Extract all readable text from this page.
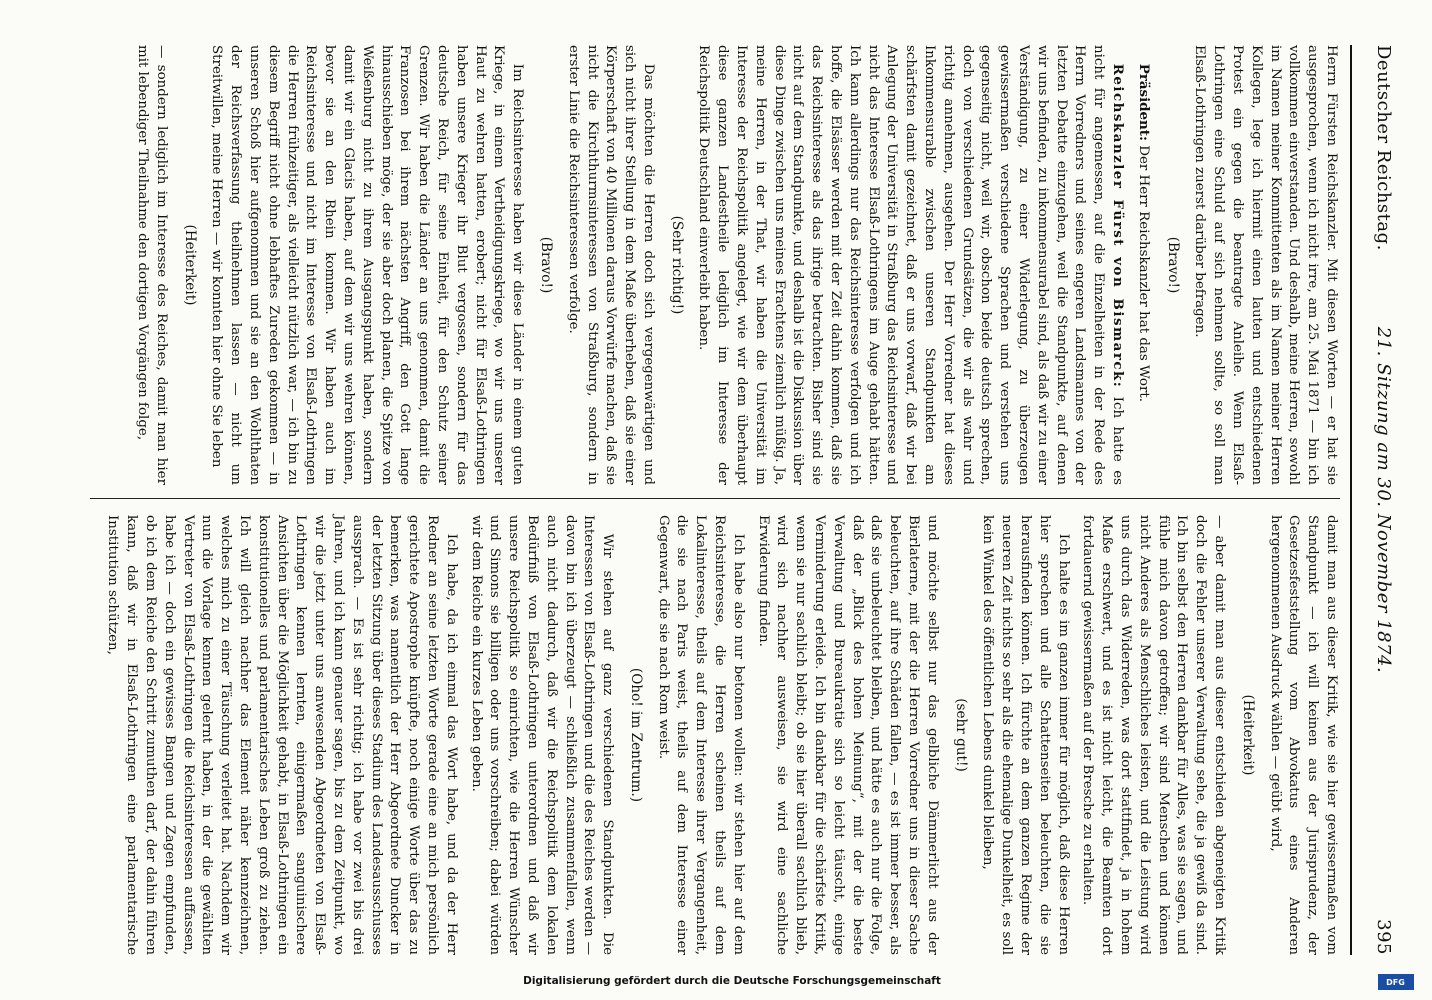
Deutscher Reichstag.
21. Sitzung am 30. November 1874.
395

Herrn Fürsten Reichskanzler. Mit diesen Worten — er hat sie ausgesprochen, wenn ich nicht irre, am 25. Mai 1871 — bin ich vollkommen einverstanden. Und deshalb, meine Herren, sowohl im Namen meiner Kommittenten als im Namen meiner Herren Kollegen, lege ich hiermit einen lauten und entschiedenen Protest ein gegen die beantragte Anleihe. Wenn Elsaß-Lothringen eine Schuld auf sich nehmen sollte, so soll man Elsaß-Lothringen zuerst darüber befragen.

(Bravo!)

Präsident: Der Herr Reichskanzler hat das Wort.

Reichskanzler Fürst von Bismarck: Ich hatte es nicht für angemessen, auf die Einzelheiten in der Rede des Herrn Vorredners und seines engeren Landsmannes von der letzten Debatte einzugehen, weil die Standpunkte, auf denen wir uns befinden, zu inkommensurabel sind, als daß wir zu einer Verständigung, zu einer Widerlegung, zu überzeugen gewissermaßen verschiedene Sprachen und verstehen uns gegenseitig nicht, weil wir, obschon beide deutsch sprechen, doch von verschiedenen Grundsätzen, die wir als wahr und richtig annehmen, ausgehen. Der Herr Vorredner hat dieses Inkommensurable zwischen unseren Standpunkten am schärfsten damit gezeichnet, daß er uns vorwarf, daß wir bei Anlegung der Universität in Straßburg das Reichsinteresse und nicht das Interesse Elsaß-Lothringens im Auge gehabt hätten. Ich kann allerdings nur das Reichsinteresse verfolgen und ich hoffe, die Elsässer werden mit der Zeit dahin kommen, daß sie das Reichsinteresse als das ihrige betrachten. Bisher sind sie nicht auf dem Standpunkte, und deshalb ist die Diskussion über diese Dinge zwischen uns meines Erachtens ziemlich müßig. Ja, meine Herren, in der That, wir haben die Universität im Interesse der Reichspolitik angelegt, wie wir dem überhaupt diese ganzen Landestheile lediglich im Interesse der Reichspolitik Deutschland einverleibt haben.

(Sehr richtig!)

Das möchten die Herren doch sich vergegenwärtigen und sich nicht ihrer Stellung in dem Maße überheben, daß sie einer Körperschaft von 40 Millionen daraus Vorwürfe machen, daß sie nicht die Kirchthurmsinteressen von Straßburg, sondern in erster Linie die Reichsinteressen verfolge.

(Bravo!)

Im Reichsinteresse haben wir diese Länder in einem guten Kriege, in einem Vertheidigungskriege, wo wir uns unserer Haut zu wehren hatten, erobert; nicht für Elsaß-Lothringen haben unsere Krieger ihr Blut vergossen, sondern für das deutsche Reich, für seine Einheit, für den Schutz seiner Grenzen. Wir haben die Länder an uns genommen, damit die Franzosen bei ihrem nächsten Angriff, den Gott lange hinausschieben möge, der sie aber doch planen, die Spitze von Weißenburg nicht zu ihrem Ausgangspunkt haben, sondern damit wir ein Glacis haben, auf dem wir uns wehren können, bevor sie an den Rhein kommen. Wir haben auch im Reichsinteresse und nicht im Interesse von Elsaß-Lothringen die Herren frühzeitiger, als vielleicht nützlich war, — ich bin zu diesem Begriff nicht ohne lebhaftes Zureden gekommen — in unseren Schoß hier aufgenommen und sie an den Wohlthaten der Reichsverfassung theilnehmen lassen — nicht um Streitwillen, meine Herren — wir konnten hier ohne Sie leben

(Heiterkeit)

— sondern lediglich im Interesse des Reiches, damit man hier mit lebendiger Theilnahme den dortigen Vorgängen folge,

damit man aus dieser Kritik, wie sie hier gewissermaßen vom Standpunkt — ich will keinen aus der Jurisprudenz, der Gesetzesfeststellung vom Abvokatus eines Anderen hergenommenen Ausdruck wählen — geübt wird,

(Heiterkeit)

— aber damit man aus dieser entschieden abgeneigten Kritik doch die Fehler unserer Verwaltung sehe, die ja gewiß da sind. Ich bin selbst den Herren dankbar für Alles, was sie sagen, und fühle mich davon getroffen; wir sind Menschen und können nicht Anderes als Menschliches leisten, und die Leistung wird uns durch das Widerreden, was dort stattfindet, ja in hohem Maße erschwert, und es ist nicht leicht, die Beamten dort fortdauernd gewissermaßen auf der Bresche zu erhalten.

Ich halte es im ganzen immer für möglich, daß diese Herren hier sprechen und alle Schattenseiten beleuchten, die sie herausfinden können. Ich fürchte an dem ganzen Regime der neueren Zeit nichts so sehr als die ehemalige Dunkelheit, es soll kein Winkel des öffentlichen Lebens dunkel bleiben,

(sehr gut!)

und möchte selbst nur das gelbliche Dämmerlicht aus der Bierlaterne, mit der die Herren Vorredner uns in dieser Sache beleuchten, auf ihre Schäden fallen, — es ist immer besser, als daß sie unbeleuchtet bleiben, und hätte es auch nur die Folge, daß der „Blick des hohen Meinung“, mit der die beste Verwaltung und Bureaukratie sich so leicht täuscht, einige Verminderung erleide. Ich bin dankbar für die schärfste Kritik, wenn sie nur sachlich bleibt; ob sie hier überall sachlich blieb, wird sich nachher ausweisen, sie wird eine sachliche Erwiderung finden.

Ich habe also nur betonen wollen: wir stehen hier auf dem Reichsinteresse, die Herren scheinen theils auf dem Lokalinteresse, theils auf dem Interesse ihrer Vergangenheit, die sie nach Paris weist, theils auf dem Interesse einer Gegenwart, die sie nach Rom weist.

(Oho! im Zentrum.)

Wir stehen auf ganz verschiedenen Standpunkten. Die Interessen von Elsaß-Lothringen und die des Reiches werden — davon bin ich überzeugt — schließlich zusammenfallen, wenn auch nicht dadurch, daß wir die Reichspolitik dem lokalen Bedürfniß von Elsaß-Lothringen unterordnen und daß wir unsere Reichspolitik so einrichten, wie die Herren Wünscher und Simons sie billigen oder uns vorschreiben; dabei würden wir dem Reiche ein kurzes Leben geben.

Ich habe, da ich einmal das Wort habe, und da der Herr Redner an seine letzten Worte gerade eine an mich persönlich gerichtete Apostrophe knüpfte, noch einige Worte über das zu bemerken, was namentlich der Herr Abgeordnete Duncker in der letzten Sitzung über dieses Stadium des Landesausschusses aussprach. — Es ist sehr richtig; ich habe vor zwei bis drei Jahren, und ich kann genauer sagen, bis zu dem Zeitpunkt, wo wir die jetzt unter uns anwesenden Abgeordneten von Elsaß-Lothringen kennen lernten, einigermaßen sanguinischere Ansichten über die Möglichkeit gehabt, in Elsaß-Lothringen ein konstitutionelles und parlamentarisches Leben groß zu ziehen. Ich will gleich nachher das Element näher kennzeichnen, welches mich zu einer Täuschung verleitet hat. Nachdem wir nun die Vorlage kennen gelernt haben, in der die gewählten Vertreter von Elsaß-Lothringen die Reichsinteressen auffassen, habe ich — doch ein gewisses Bangen und Zagen empfunden, ob ich dem Reiche den Schritt zumuthen darf, der dahin führen kann, daß wir in Elsaß-Lothringen eine parlamentarische Institution schützen,

DFG
Digitalisierung gefördert durch die Deutsche Forschungsgemeinschaft
